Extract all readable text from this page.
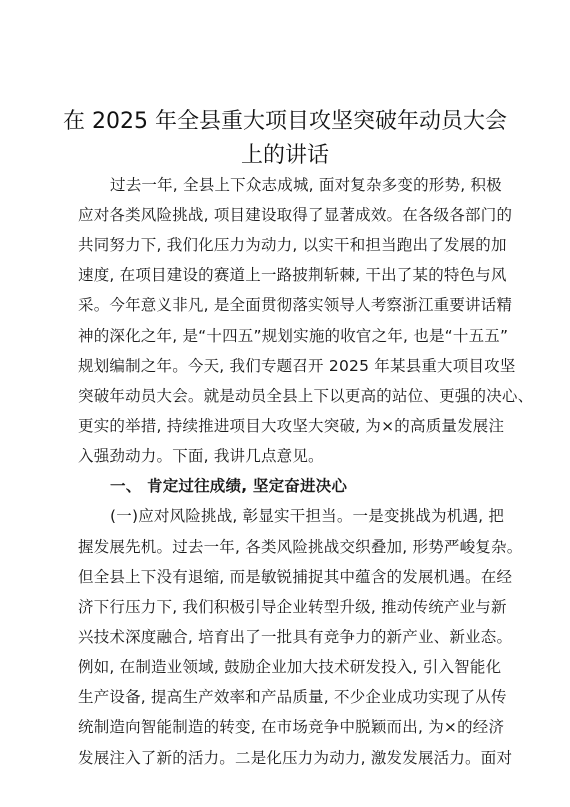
在 2025 年全县重大项目攻坚突破年动员大会
上的讲话
过去一年, 全县上下众志成城, 面对复杂多变的形势, 积极
应对各类风险挑战, 项目建设取得了显著成效。在各级各部门的
共同努力下, 我们化压力为动力, 以实干和担当跑出了发展的加
速度, 在项目建设的赛道上一路披荆斩棘, 干出了某的特色与风
采。今年意义非凡, 是全面贯彻落实领导人考察浙江重要讲话精
神的深化之年, 是“十四五”规划实施的收官之年, 也是“十五五”
规划编制之年。今天, 我们专题召开 2025 年某县重大项目攻坚
突破年动员大会。就是动员全县上下以更高的站位、更强的决心、
更实的举措, 持续推进项目大攻坚大突破, 为×的高质量发展注
入强劲动力。下面, 我讲几点意见。
一、 肯定过往成绩, 坚定奋进决心
(一)应对风险挑战, 彰显实干担当。一是变挑战为机遇, 把
握发展先机。过去一年, 各类风险挑战交织叠加, 形势严峻复杂。
但全县上下没有退缩, 而是敏锐捕捉其中蕴含的发展机遇。在经
济下行压力下, 我们积极引导企业转型升级, 推动传统产业与新
兴技术深度融合, 培育出了一批具有竞争力的新产业、新业态。
例如, 在制造业领域, 鼓励企业加大技术研发投入, 引入智能化
生产设备, 提高生产效率和产品质量, 不少企业成功实现了从传
统制造向智能制造的转变, 在市场竞争中脱颖而出, 为×的经济
发展注入了新的活力。二是化压力为动力, 激发发展活力。面对
